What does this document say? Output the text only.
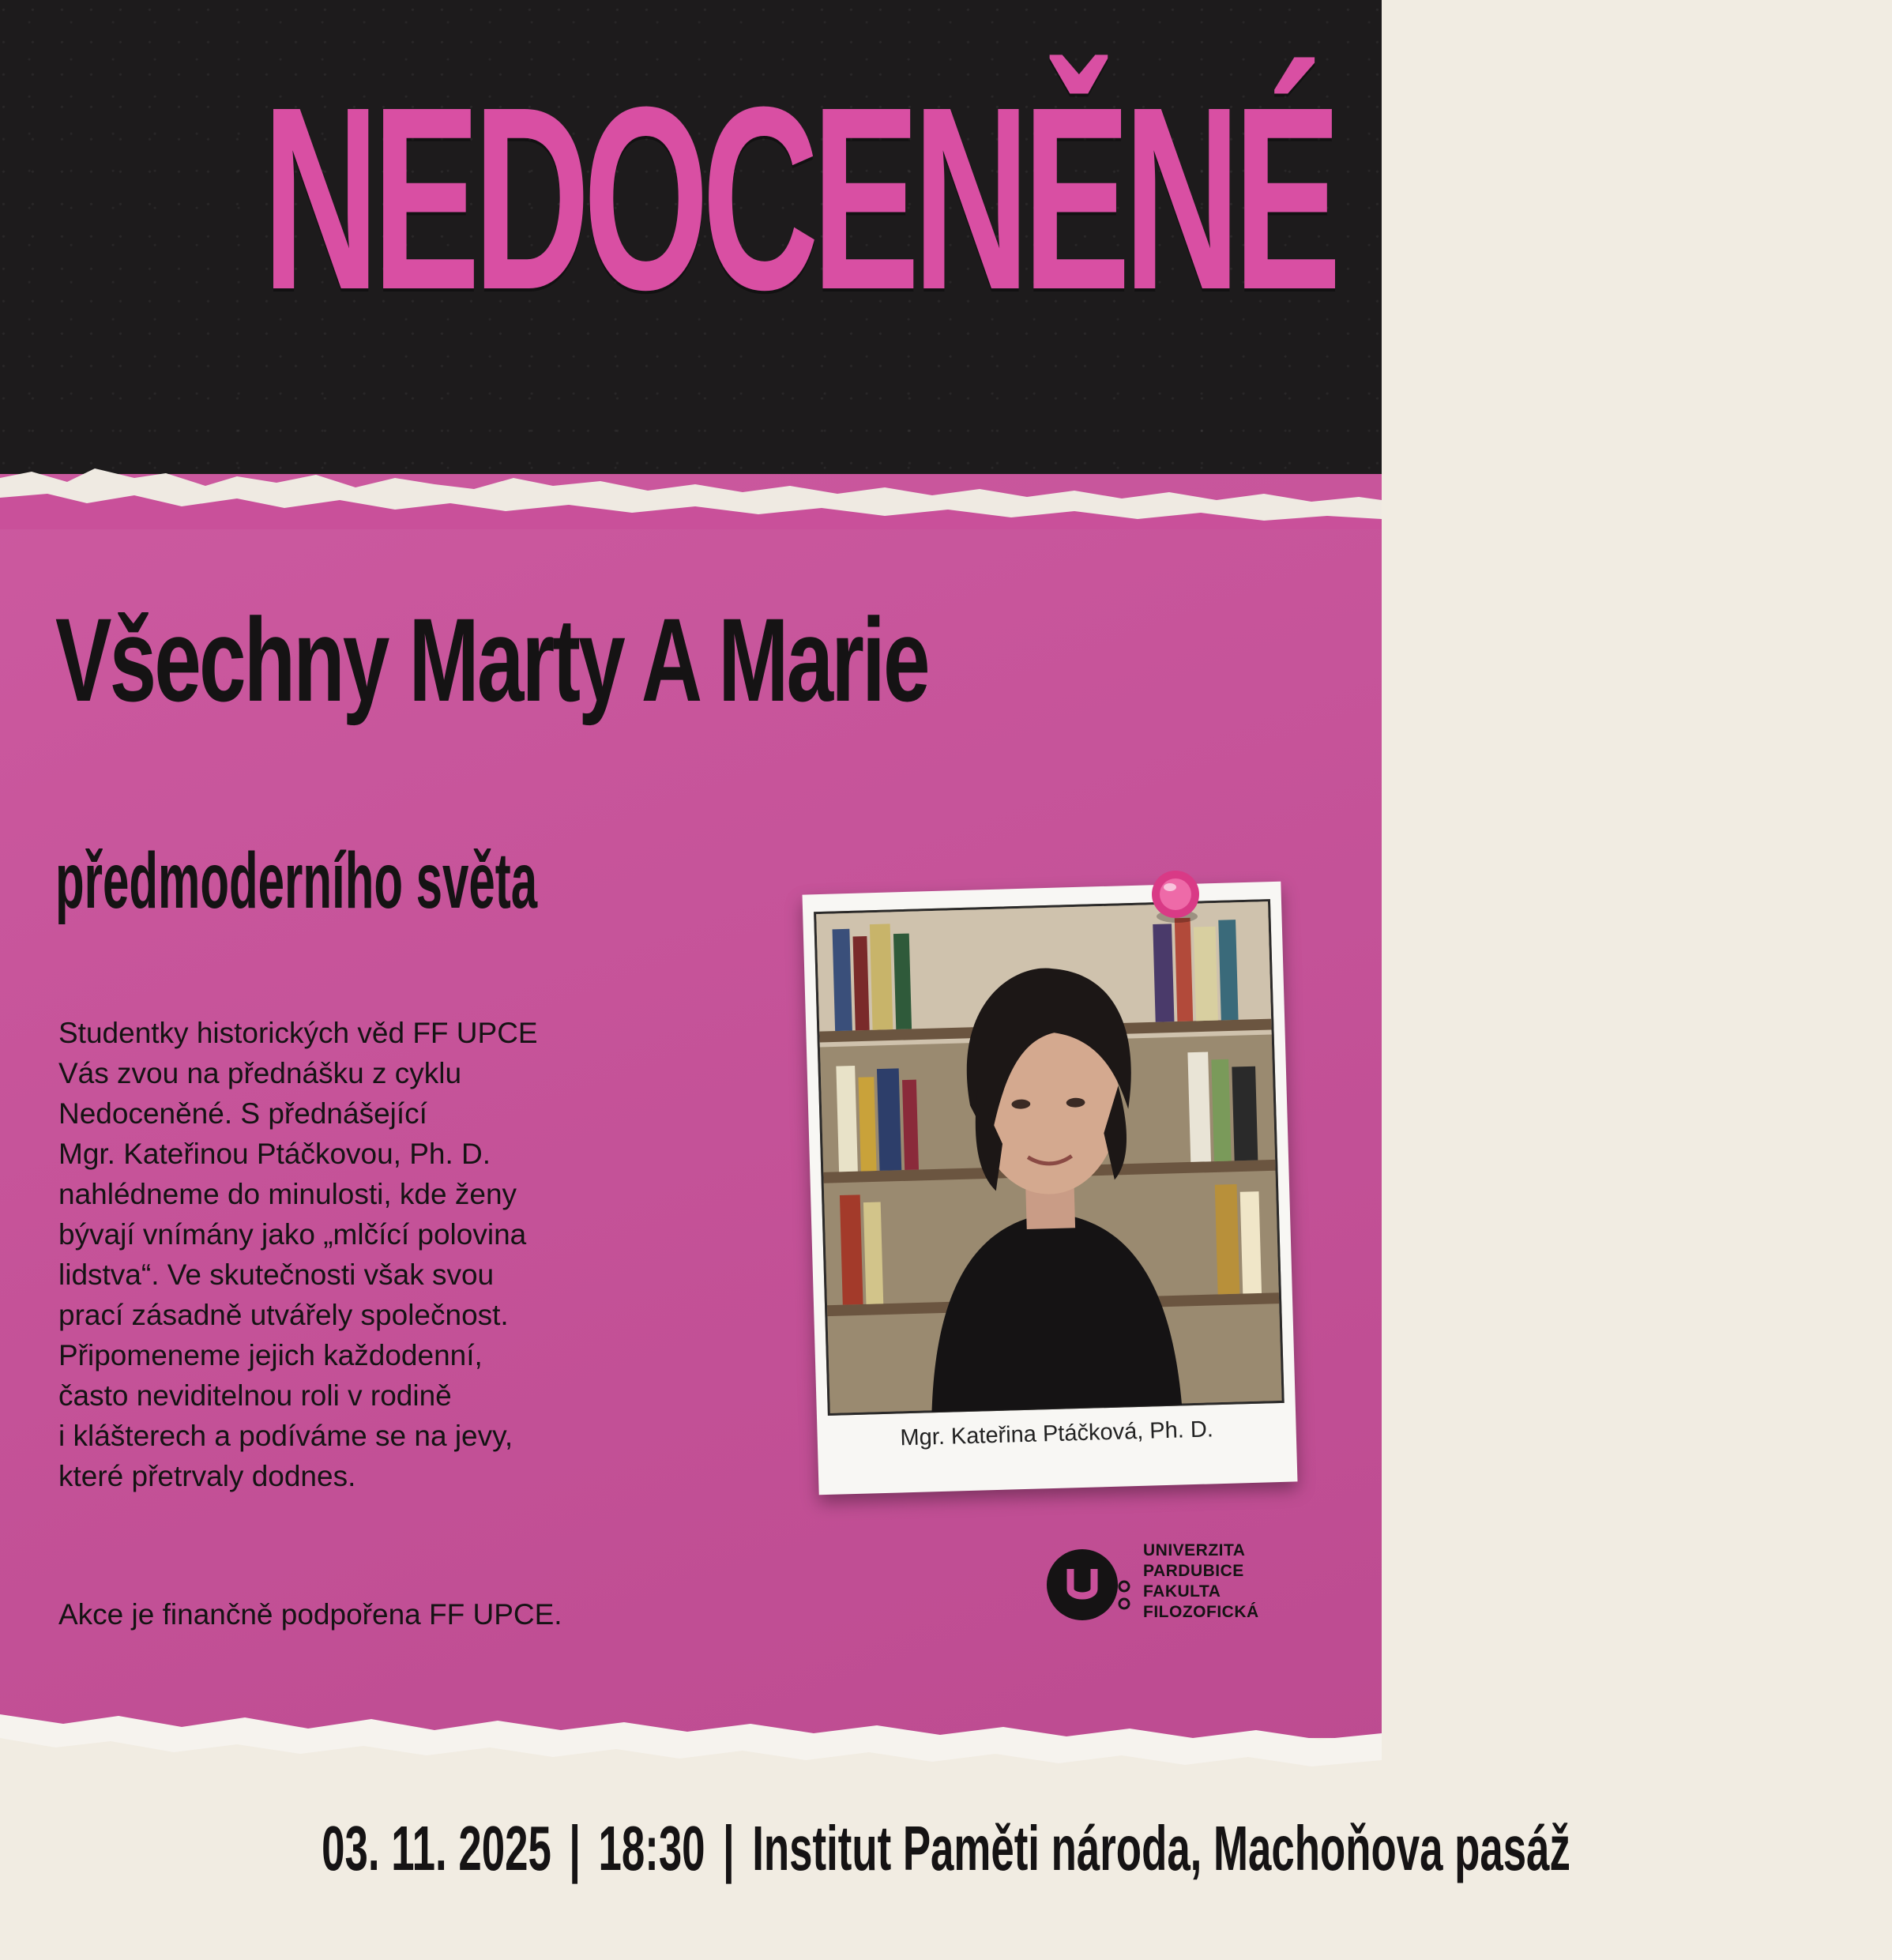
NEDOCENĚNÉ
Všechny Marty A Marie
předmoderního světa
Studentky historických věd FF UPCE
Vás zvou na přednášku z cyklu
Nedoceněné. S přednášející
Mgr. Kateřinou Ptáčkovou, Ph. D.
nahlédneme do minulosti, kde ženy
bývají vnímány jako „mlčící polovina
lidstva“. Ve skutečnosti však svou
prací zásadně utvářely společnost.
Připomeneme jejich každodenní,
často neviditelnou roli v rodině
i klášterech a podíváme se na jevy,
které přetrvaly dodnes.
Akce je finančně podpořena FF UPCE.
Mgr. Kateřina Ptáčková, Ph. D.
UNIVERZITA
PARDUBICE
FAKULTA
FILOZOFICKÁ
03. 11. 2025 | 18:30 | Institut Paměti národa, Machoňova pasáž
